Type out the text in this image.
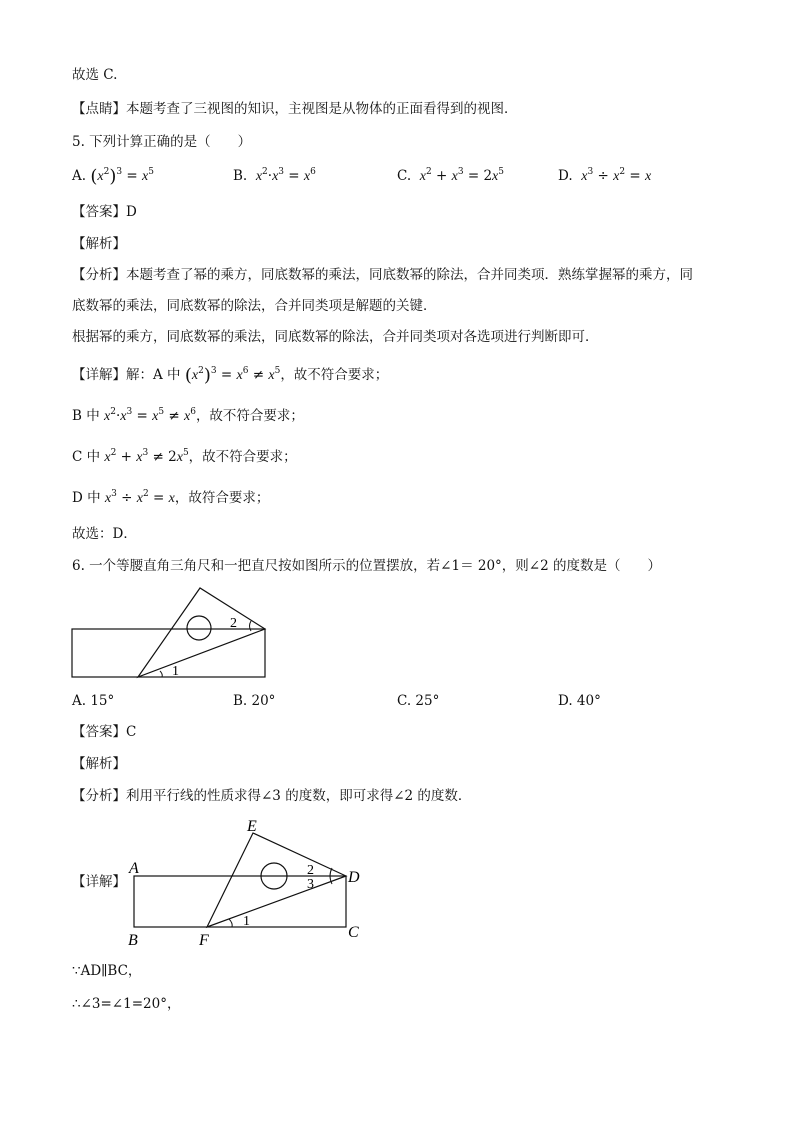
故选 C.
【点睛】本题考查了三视图的知识，主视图是从物体的正面看得到的视图．
5. 下列计算正确的是（　　）
A. $(x^2)^3 = x^5$	B. $x^2\cdot x^3 = x^6$	C. $x^2 + x^3 = 2x^5$	D. $x^3 \div x^2 = x$
【答案】D
【解析】
【分析】本题考查了幂的乘方，同底数幂的乘法，同底数幂的除法，合并同类项．熟练掌握幂的乘方，同
底数幂的乘法，同底数幂的除法，合并同类项是解题的关键．
根据幂的乘方，同底数幂的乘法，同底数幂的除法，合并同类项对各选项进行判断即可．
【详解】解：A 中 $(x^2)^3 = x^6 \ne x^5$，故不符合要求；
B 中 $x^2\cdot x^3 = x^5 \ne x^6$，故不符合要求；
C 中 $x^2 + x^3 \ne 2x^5$，故不符合要求；
D 中 $x^3 \div x^2 = x$，故符合要求；
故选：D．
6. 一个等腰直角三角尺和一把直尺按如图所示的位置摆放，若∠1＝ 20°，则∠2 的度数是（　　）
2
1
A. 15°	B. 20°	C. 25°	D. 40°
【答案】C
【解析】
【分析】利用平行线的性质求得∠3 的度数，即可求得∠2 的度数．
【详解】
E
A
D
B	F	C
2
3
1
∵AD∥BC，
∴∠3=∠1=20°，
